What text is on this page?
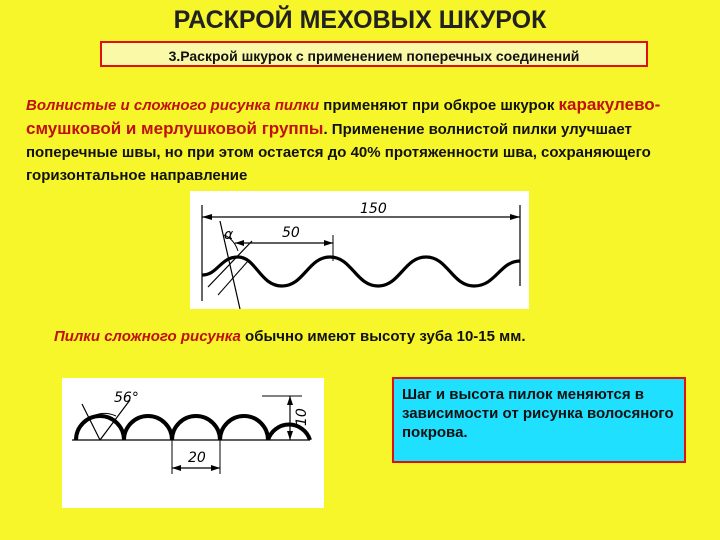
РАСКРОЙ МЕХОВЫХ ШКУРОК
3.Раскрой шкурок с применением поперечных соединений
Волнистые и сложного рисунка пилки применяют при обкрое шкурок каракулево-смушковой и мерлушковой группы. Применение волнистой пилки улучшает поперечные швы, но при этом остается до 40% протяженности шва, сохраняющего горизонтальное направление
150
50
α
Пилки сложного рисунка обычно имеют высоту зуба 10-15 мм.
56°
10
20
Шаг и высота пилок меняются в зависимости от рисунка волосяного покрова.
